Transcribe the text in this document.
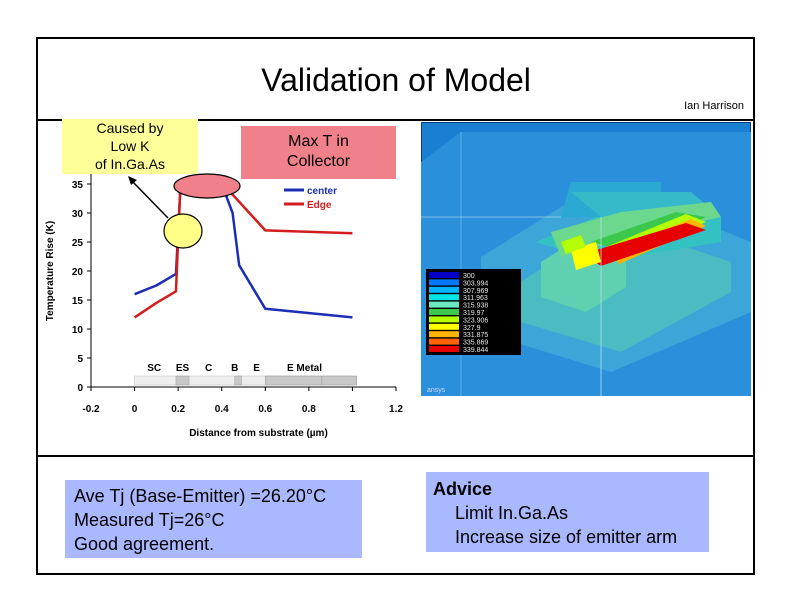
Validation of Model
Ian Harrison
-0.2	0	0.2	0.4	0.6	0.8	1	1.2
0
5
10
15
20
25
30
35
Distance from substrate (µm)
Temperature Rise (K)
SC ES C B E	E Metal
center
Edge
Caused by
Low K
of In.Ga.As
Max T in
Collector
300
303.994
307.969
311.963
315.938
319.97
323.906
327.9
331.875
335.869
339.844
ansys
Ave Tj (Base-Emitter) =26.20°C
Measured Tj=26°C
Good agreement.
Advice
Limit In.Ga.As
Increase size of emitter arm
